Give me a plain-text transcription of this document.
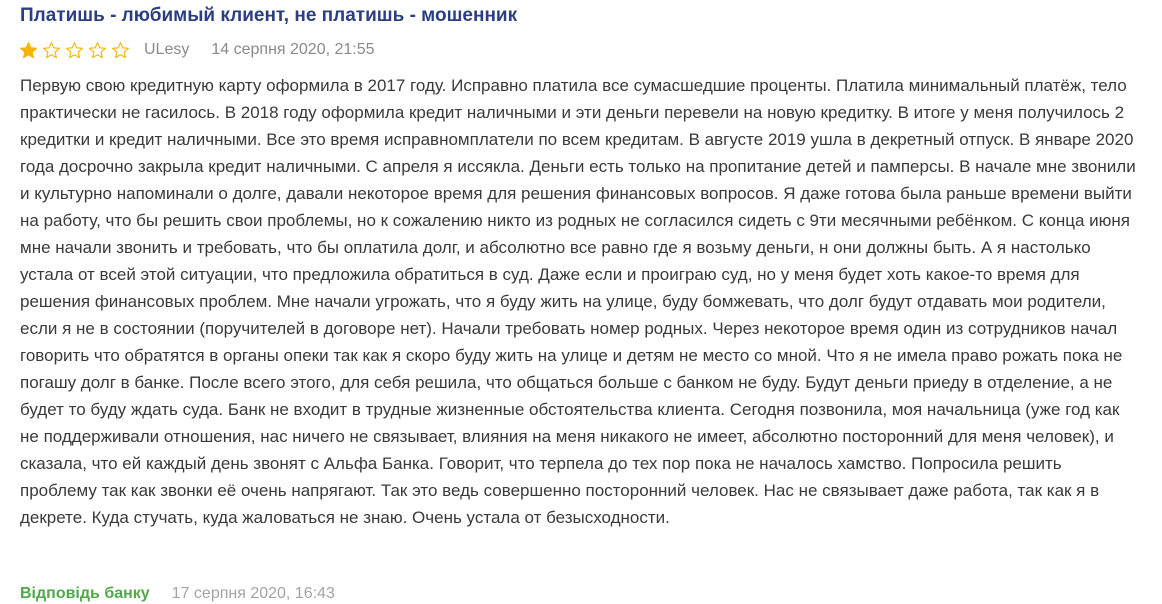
Платишь - любимый клиент, не платишь - мошенник
ULesy 14 серпня 2020, 21:55

Первую свою кредитную карту оформила в 2017 году. Исправно платила все сумасшедшие проценты. Платила минимальный платёж, тело практически не гасилось. В 2018 году оформила кредит наличными и эти деньги перевели на новую кредитку. В итоге у меня получилось 2 кредитки и кредит наличными. Все это время исправномплатели по всем кредитам. В августе 2019 ушла в декретный отпуск. В январе 2020 года досрочно закрыла кредит наличными. С апреля я иссякла. Деньги есть только на пропитание детей и памперсы. В начале мне звонили и культурно напоминали о долге, давали некоторое время для решения финансовых вопросов. Я даже готова была раньше времени выйти на работу, что бы решить свои проблемы, но к сожалению никто из родных не согласился сидеть с 9ти месячными ребёнком. С конца июня мне начали звонить и требовать, что бы оплатила долг, и абсолютно все равно где я возьму деньги, н они должны быть. А я настолько устала от всей этой ситуации, что предложила обратиться в суд. Даже если и проиграю суд, но у меня будет хоть какое-то время для решения финансовых проблем. Мне начали угрожать, что я буду жить на улице, буду бомжевать, что долг будут отдавать мои родители, если я не в состоянии (поручителей в договоре нет). Начали требовать номер родных. Через некоторое время один из сотрудников начал говорить что обратятся в органы опеки так как я скоро буду жить на улице и детям не место со мной. Что я не имела право рожать пока не погашу долг в банке. После всего этого, для себя решила, что общаться больше с банком не буду. Будут деньги приеду в отделение, а не будет то буду ждать суда. Банк не входит в трудные жизненные обстоятельства клиента. Сегодня позвонила, моя начальница (уже год как не поддерживали отношения, нас ничего не связывает, влияния на меня никакого не имеет, абсолютно посторонний для меня человек), и сказала, что ей каждый день звонят с Альфа Банка. Говорит, что терпела до тех пор пока не началось хамство. Попросила решить проблему так как звонки её очень напрягают. Так это ведь совершенно посторонний человек. Нас не связывает даже работа, так как я в декрете. Куда стучать, куда жаловаться не знаю. Очень устала от безысходности.

Відповідь банку 17 серпня 2020, 16:43
